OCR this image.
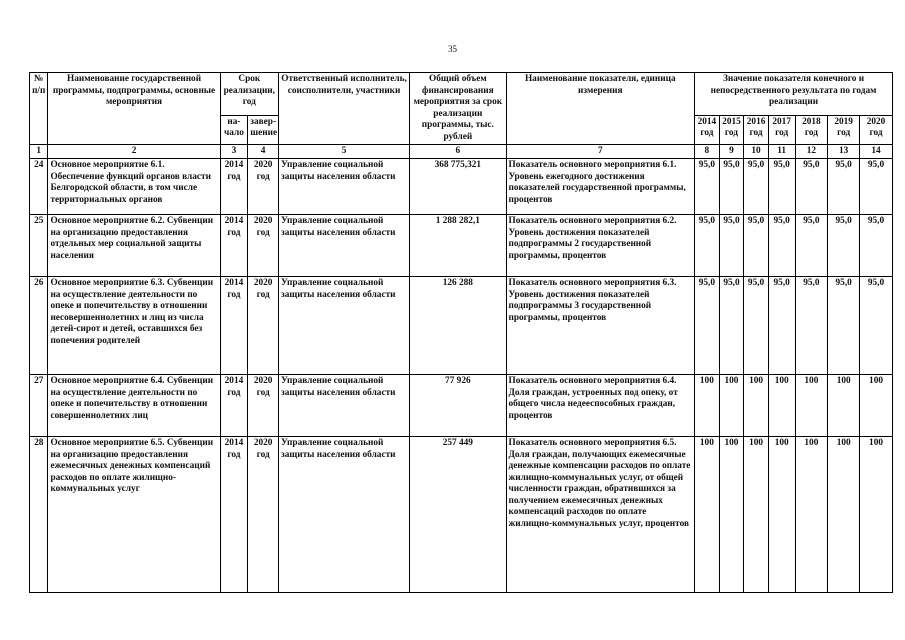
35
№ п/п	Наименование государственной программы, подпрограммы, основные мероприятия	Срок реализации, год		Ответственный исполнитель, соисполнители, участники	Общий объем финансирования мероприятия за срок реализации программы, тыс. рублей	Наименование показателя, единица измерения	Значение показателя конечного и непосредственного результата по годам реализации						
		на-чало	завер-шение				2014 год	2015 год	2016 год	2017 год	2018 год	2019 год	2020 год
1	2	3	4	5	6	7	8	9	10	11	12	13	14
24	Основное мероприятие 6.1. Обеспечение функций органов власти Белгородской области, в том числе территориальных органов	2014 год	2020 год	Управление социальной защиты населения области	368 775,321	Показатель основного мероприятия 6.1. Уровень ежегодного достижения показателей государственной программы, процентов	95,0	95,0	95,0	95,0	95,0	95,0	95,0
25	Основное мероприятие 6.2. Субвенции на организацию предоставления отдельных мер социальной защиты населения	2014 год	2020 год	Управление социальной защиты населения области	1 288 282,1	Показатель основного мероприятия 6.2. Уровень достижения показателей подпрограммы 2 государственной программы, процентов	95,0	95,0	95,0	95,0	95,0	95,0	95,0
26	Основное мероприятие 6.3. Субвенции на осуществление деятельности по опеке и попечительству в отношении несовершеннолетних и лиц из числа детей-сирот и детей, оставшихся без попечения родителей	2014 год	2020 год	Управление социальной защиты населения области	126 288	Показатель основного мероприятия 6.3. Уровень достижения показателей подпрограммы 3 государственной программы, процентов	95,0	95,0	95,0	95,0	95,0	95,0	95,0
27	Основное мероприятие 6.4. Субвенции на осуществление деятельности по опеке и попечительству в отношении совершеннолетних лиц	2014 год	2020 год	Управление социальной защиты населения области	77 926	Показатель основного мероприятия 6.4. Доля граждан, устроенных под опеку, от общего числа недееспособных граждан, процентов	100	100	100	100	100	100	100
28	Основное мероприятие 6.5. Субвенции на организацию предоставления ежемесячных денежных компенсаций расходов по оплате жилищно-коммунальных услуг	2014 год	2020 год	Управление социальной защиты населения области	257 449	Показатель основного мероприятия 6.5. Доля граждан, получающих ежемесячные денежные компенсации расходов по оплате жилищно-коммунальных услуг, от общей численности граждан, обратившихся за получением ежемесячных денежных компенсаций расходов по оплате жилищно-коммунальных услуг, процентов	100	100	100	100	100	100	100
